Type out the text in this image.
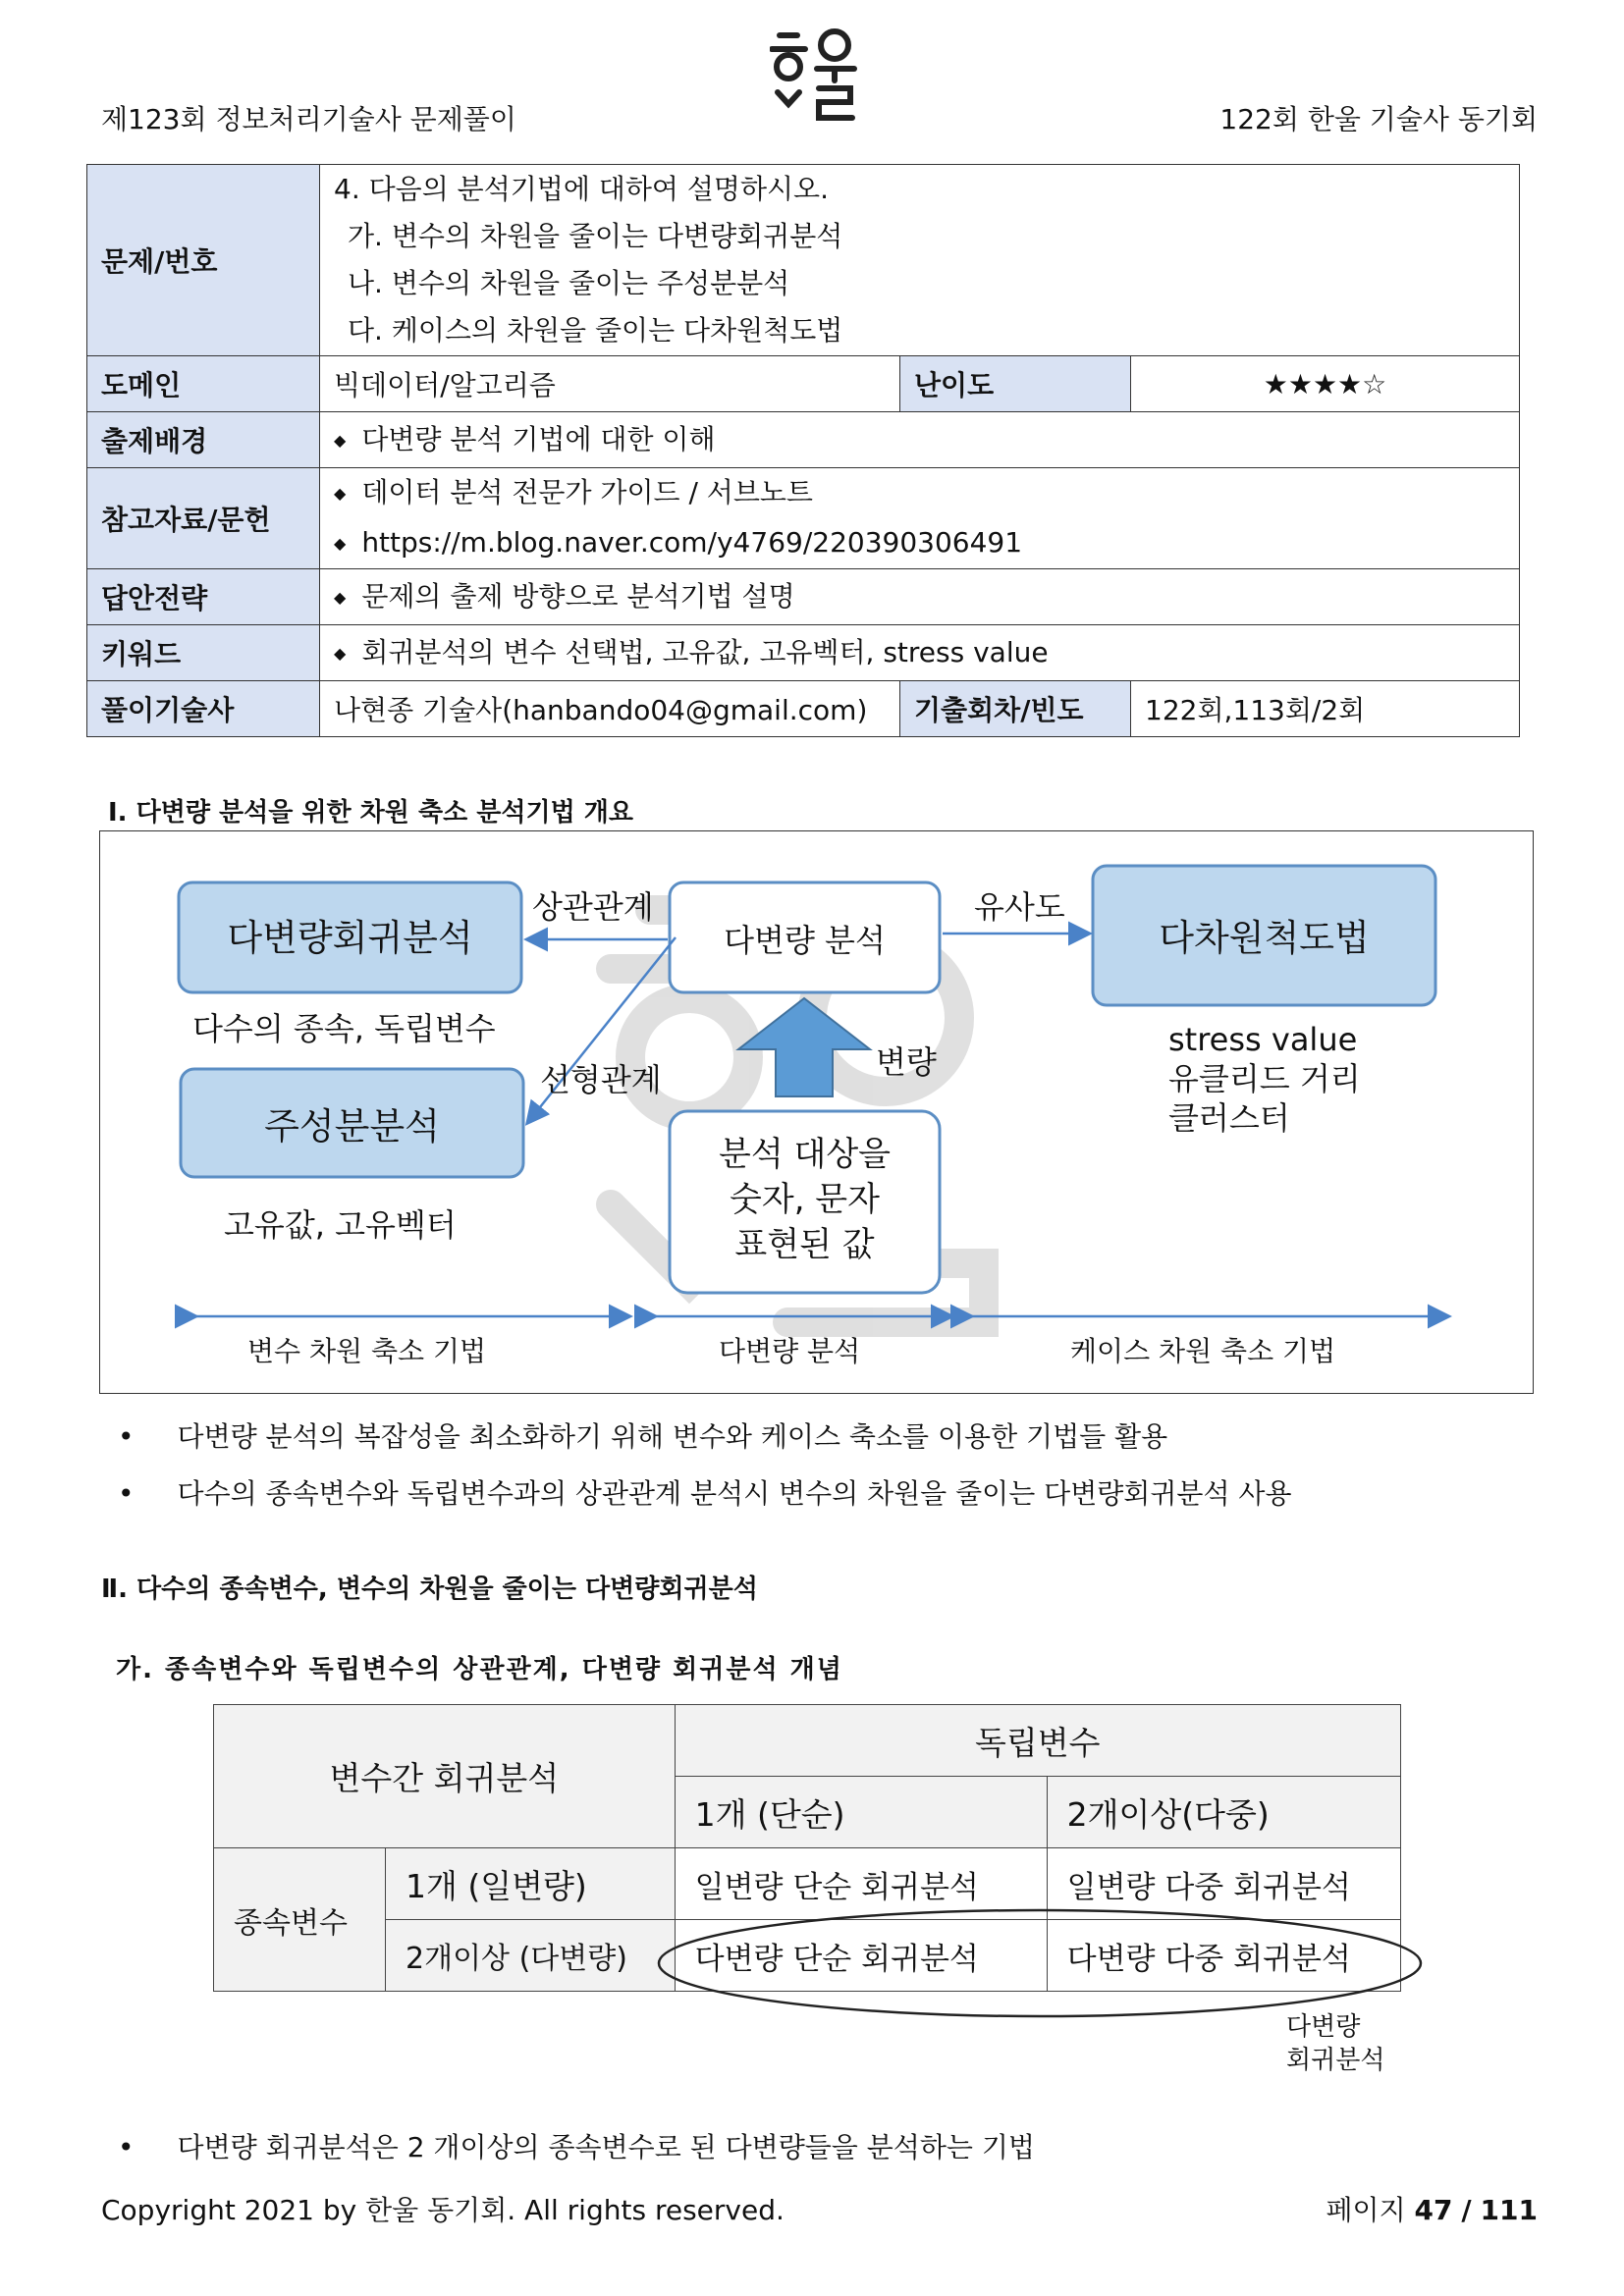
제123회 정보처리기술사 문제풀이	122회 한울 기술사 동기회
문제/번호	4. 다음의 분석기법에 대하여 설명하시오.
가. 변수의 차원을 줄이는 다변량회귀분석
나. 변수의 차원을 줄이는 주성분분석
다. 케이스의 차원을 줄이는 다차원척도법		

도메인	빅데이터/알고리즘	난이도	★★★★☆
출제배경	◆ 다변량 분석 기법에 대한 이해

참고자료/문헌	◆ 데이터 분석 전문가 가이드 / 서브노트
◆ https://m.blog.naver.com/y4769/220390306491

답안전략	◆ 문제의 출제 방향으로 분석기법 설명

키워드	◆ 회귀분석의 변수 선택법, 고유값, 고유벡터, stress value

풀이기술사	나현종 기술사(hanbando04@gmail.com)	기출회차/빈도	122회,113회/2회
Ⅰ. 다변량 분석을 위한 차원 축소 분석기법 개요
다변량회귀분석	다변량 분석	다차원척도법
주성분분석
분석 대상을
숫자, 문자
표현된 값
상관관계	유사도
선형관계	변량
다수의 종속, 독립변수
고유값, 고유벡터
stress value
유클리드 거리
클러스터
변수 차원 축소 기법	다변량 분석	케이스 차원 축소 기법
• 다변량 분석의 복잡성을 최소화하기 위해 변수와 케이스 축소를 이용한 기법들 활용
• 다수의 종속변수와 독립변수과의 상관관계 분석시 변수의 차원을 줄이는 다변량회귀분석 사용
Ⅱ. 다수의 종속변수, 변수의 차원을 줄이는 다변량회귀분석
가. 종속변수와 독립변수의 상관관계, 다변량 회귀분석 개념
변수간 회귀분석		독립변수	
		1개 (단순)	2개이상(다중)
종속변수	1개 (일변량)	일변량 단순 회귀분석	일변량 다중 회귀분석
	2개이상 (다변량)	다변량 단순 회귀분석	다변량 다중 회귀분석
다변량
회귀분석
• 다변량 회귀분석은 2 개이상의 종속변수로 된 다변량들을 분석하는 기법
Copyright 2021 by 한울 동기회. All rights reserved.	페이지 47 / 111
